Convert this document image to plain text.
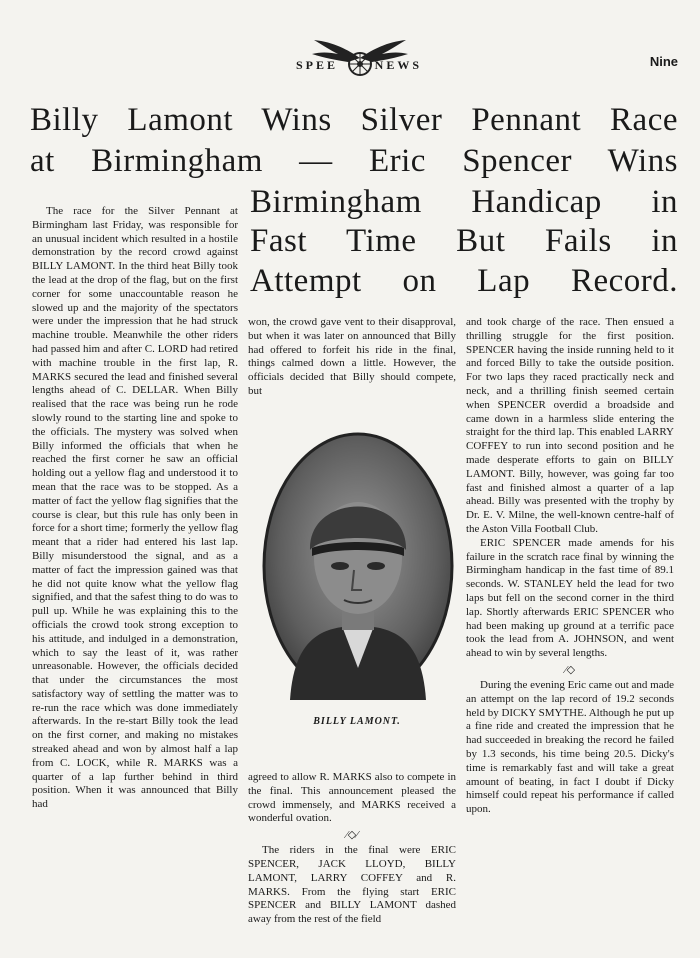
SPEE	NEWS	Nine
Billy Lamont Wins Silver Pennant Race
at Birmingham — Eric Spencer Wins
Birmingham Handicap in
Fast Time But Fails in
Attempt on Lap Record.

The race for the Silver Pennant at Birmingham last Friday, was responsible for an unusual incident which resulted in a hostile demonstration by the record crowd against BILLY LAMONT. In the third heat Billy took the lead at the drop of the flag, but on the first corner for some unaccountable reason he slowed up and the majority of the spectators were under the impression that he had struck machine trouble. Meanwhile the other riders had passed him and after C. LORD had retired with machine trouble in the first lap, R. MARKS secured the lead and finished several lengths ahead of C. DELLAR. When Billy realised that the race was being run he rode slowly round to the starting line and spoke to the officials. The mystery was solved when Billy informed the officials that when he reached the first corner he saw an official holding out a yellow flag and understood it to mean that the race was to be stopped. As a matter of fact the yellow flag signifies that the course is clear, but this rule has only been in force for a short time; formerly the yellow flag meant that a rider had entered his last lap. Billy misunderstood the signal, and as a matter of fact the impression gained was that he did not quite know what the yellow flag signified, and that the safest thing to do was to pull up. While he was explaining this to the officials the crowd took strong exception to his attitude, and indulged in a demonstration, which to say the least of it, was rather unreasonable. However, the officials decided that under the circumstances the most satisfactory way of settling the matter was to re-run the race which was done immediately afterwards. In the re-start Billy took the lead on the first corner, and making no mistakes streaked ahead and won by almost half a lap from C. LOCK, while R. MARKS was a quarter of a lap further behind in third position. When it was announced that Billy had

won, the crowd gave vent to their disapproval, but when it was later on announced that Billy had offered to forfeit his ride in the final, things calmed down a little. However, the officials decided that Billy should compete, but

BILLY LAMONT.

agreed to allow R. MARKS also to compete in the final. This announcement pleased the crowd immensely, and MARKS received a wonderful ovation.

⁄◇⁄

The riders in the final were ERIC SPENCER, JACK LLOYD, BILLY LAMONT, LARRY COFFEY and R. MARKS. From the flying start ERIC SPENCER and BILLY LAMONT dashed away from the rest of the field

and took charge of the race. Then ensued a thrilling struggle for the first position. SPENCER having the inside running held to it and forced Billy to take the outside position. For two laps they raced practically neck and neck, and a thrilling finish seemed certain when SPENCER overdid a broadside and came down in a harmless slide entering the straight for the third lap. This enabled LARRY COFFEY to run into second position and he made desperate efforts to gain on BILLY LAMONT. Billy, however, was going far too fast and finished almost a quarter of a lap ahead. Billy was presented with the trophy by Dr. E. V. Milne, the well-known centre-half of the Aston Villa Football Club.

ERIC SPENCER made amends for his failure in the scratch race final by winning the Birmingham handicap in the fast time of 89.1 seconds. W. STANLEY held the lead for two laps but fell on the second corner in the third lap. Shortly afterwards ERIC SPENCER who had been making up ground at a terrific pace took the lead from A. JOHNSON, and went ahead to win by several lengths.

⁄◇

During the evening Eric came out and made an attempt on the lap record of 19.2 seconds held by DICKY SMYTHE. Although he put up a fine ride and created the impression that he had succeeded in breaking the record he failed by 1.3 seconds, his time being 20.5. Dicky's time is remarkably fast and will take a great amount of beating, in fact I doubt if Dicky himself could repeat his performance if called upon.
